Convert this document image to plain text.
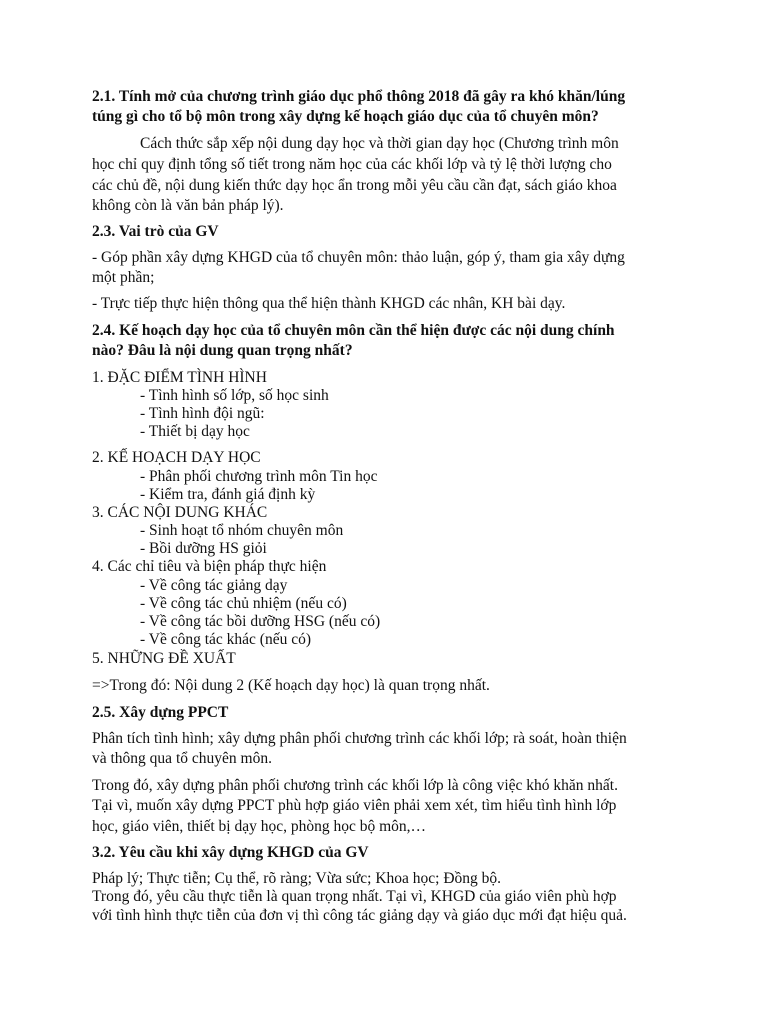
2.1. Tính mở của chương trình giáo dục phổ thông 2018 đã gây ra khó khăn/lúng

túng gì cho tổ bộ môn trong xây dựng kế hoạch giáo dục của tổ chuyên môn?

Cách thức sắp xếp nội dung dạy học và thời gian dạy học (Chương trình môn

học chỉ quy định tổng số tiết trong năm học của các khối lớp và tỷ lệ thời lượng cho

các chủ đề, nội dung kiến thức dạy học ẩn trong mỗi yêu cầu cần đạt, sách giáo khoa

không còn là văn bản pháp lý).

2.3. Vai trò của GV

- Góp phần xây dựng KHGD của tổ chuyên môn: thảo luận, góp ý, tham gia xây dựng

một phần;

- Trực tiếp thực hiện thông qua thể hiện thành KHGD các nhân, KH bài dạy.

2.4. Kế hoạch dạy học của tổ chuyên môn cần thể hiện được các nội dung chính

nào? Đâu là nội dung quan trọng nhất?

1. ĐẶC ĐIỂM TÌNH HÌNH

- Tình hình số lớp, số học sinh

- Tình hình đội ngũ:

- Thiết bị dạy học

2. KẾ HOẠCH DẠY HỌC

- Phân phối chương trình môn Tin học

- Kiểm tra, đánh giá định kỳ

3. CÁC NỘI DUNG KHÁC

- Sinh hoạt tổ nhóm chuyên môn

- Bồi dưỡng HS giỏi

4. Các chỉ tiêu và biện pháp thực hiện

- Về công tác giảng dạy

- Về công tác chủ nhiệm (nếu có)

- Về công tác bồi dưỡng HSG (nếu có)

- Về công tác khác (nếu có)

5. NHỮNG ĐỀ XUẤT

=>Trong đó: Nội dung 2 (Kế hoạch dạy học) là quan trọng nhất.

2.5. Xây dựng PPCT

Phân tích tình hình; xây dựng phân phối chương trình các khối lớp; rà soát, hoàn thiện

và thông qua tổ chuyên môn.

Trong đó, xây dựng phân phối chương trình các khối lớp là công việc khó khăn nhất.

Tại vì, muốn xây dựng PPCT phù hợp giáo viên phải xem xét, tìm hiểu tình hình lớp

học, giáo viên, thiết bị dạy học, phòng học bộ môn,…

3.2. Yêu cầu khi xây dựng KHGD của GV

Pháp lý; Thực tiễn; Cụ thể, rõ ràng; Vừa sức; Khoa học; Đồng bộ.

Trong đó, yêu cầu thực tiễn là quan trọng nhất. Tại vì, KHGD của giáo viên phù hợp

với tình hình thực tiễn của đơn vị thì công tác giảng dạy và giáo dục mới đạt hiệu quả.
